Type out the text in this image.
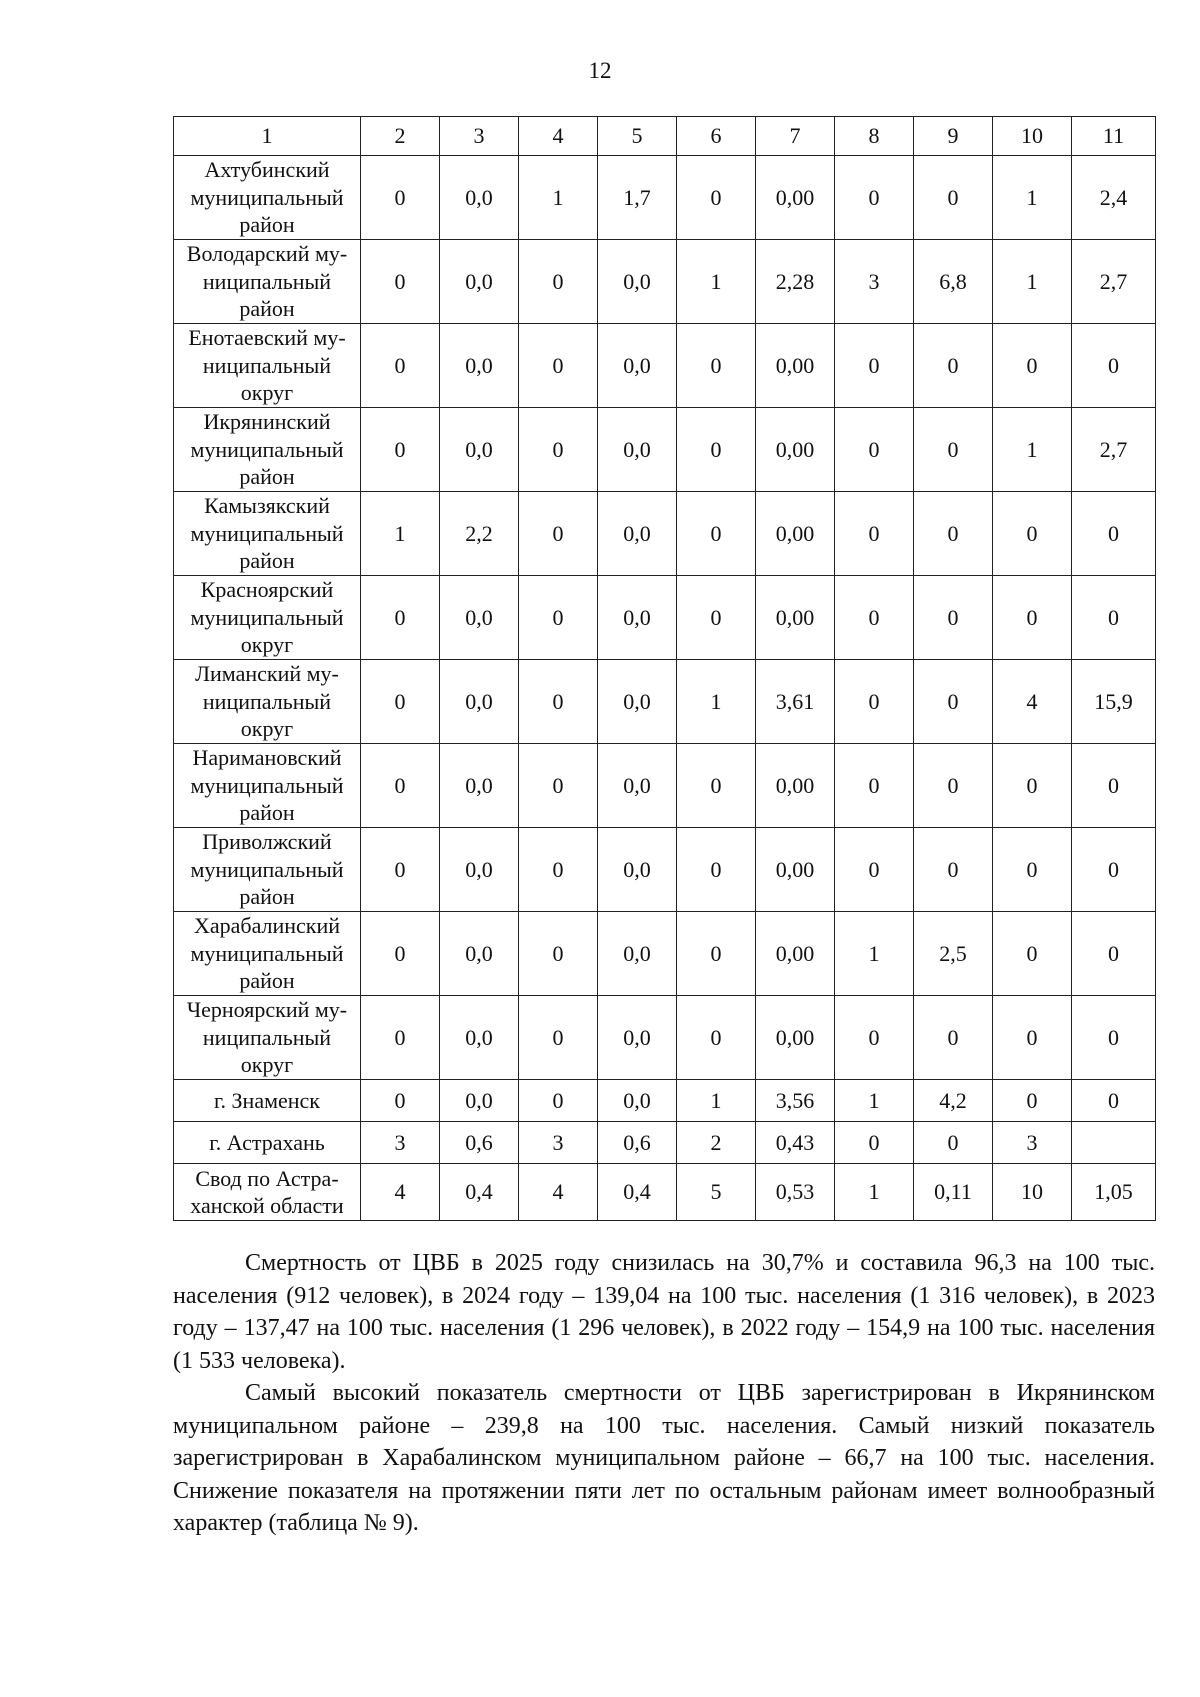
12
1	2	3	4	5	6	7	8	9	10	11

Ахтубинский
муниципальный
район	0	0,0	1	1,7	0	0,00	0	0	1	2,4

Володарский му-
ниципальный
район	0	0,0	0	0,0	1	2,28	3	6,8	1	2,7

Енотаевский му-
ниципальный
округ	0	0,0	0	0,0	0	0,00	0	0	0	0

Икрянинский
муниципальный
район	0	0,0	0	0,0	0	0,00	0	0	1	2,7

Камызякский
муниципальный
район	1	2,2	0	0,0	0	0,00	0	0	0	0

Красноярский
муниципальный
округ	0	0,0	0	0,0	0	0,00	0	0	0	0

Лиманский му-
ниципальный
округ	0	0,0	0	0,0	1	3,61	0	0	4	15,9

Наримановский
муниципальный
район	0	0,0	0	0,0	0	0,00	0	0	0	0

Приволжский
муниципальный
район	0	0,0	0	0,0	0	0,00	0	0	0	0

Харабалинский
муниципальный
район	0	0,0	0	0,0	0	0,00	1	2,5	0	0

Черноярский му-
ниципальный
округ	0	0,0	0	0,0	0	0,00	0	0	0	0

г. Знаменск	0	0,0	0	0,0	1	3,56	1	4,2	0	0

г. Астрахань	3	0,6	3	0,6	2	0,43	0	0	3	

Свод по Астра-
ханской области	4	0,4	4	0,4	5	0,53	1	0,11	10	1,05

Смертность от ЦВБ в 2025 году снизилась на 30,7% и составила 96,3 на 100 тыс. населения (912 человек), в 2024 году – 139,04 на 100 тыс. населения (1 316 человек), в 2023 году – 137,47 на 100 тыс. населения (1 296 человек), в 2022 году – 154,9 на 100 тыс. населения (1 533 человека).

Самый высокий показатель смертности от ЦВБ зарегистрирован в Икрянинском муниципальном районе – 239,8 на 100 тыс. населения. Самый низкий показатель зарегистрирован в Харабалинском муниципальном районе – 66,7 на 100 тыс. населения. Снижение показателя на протяжении пяти лет по остальным районам имеет волнообразный характер (таблица № 9).
